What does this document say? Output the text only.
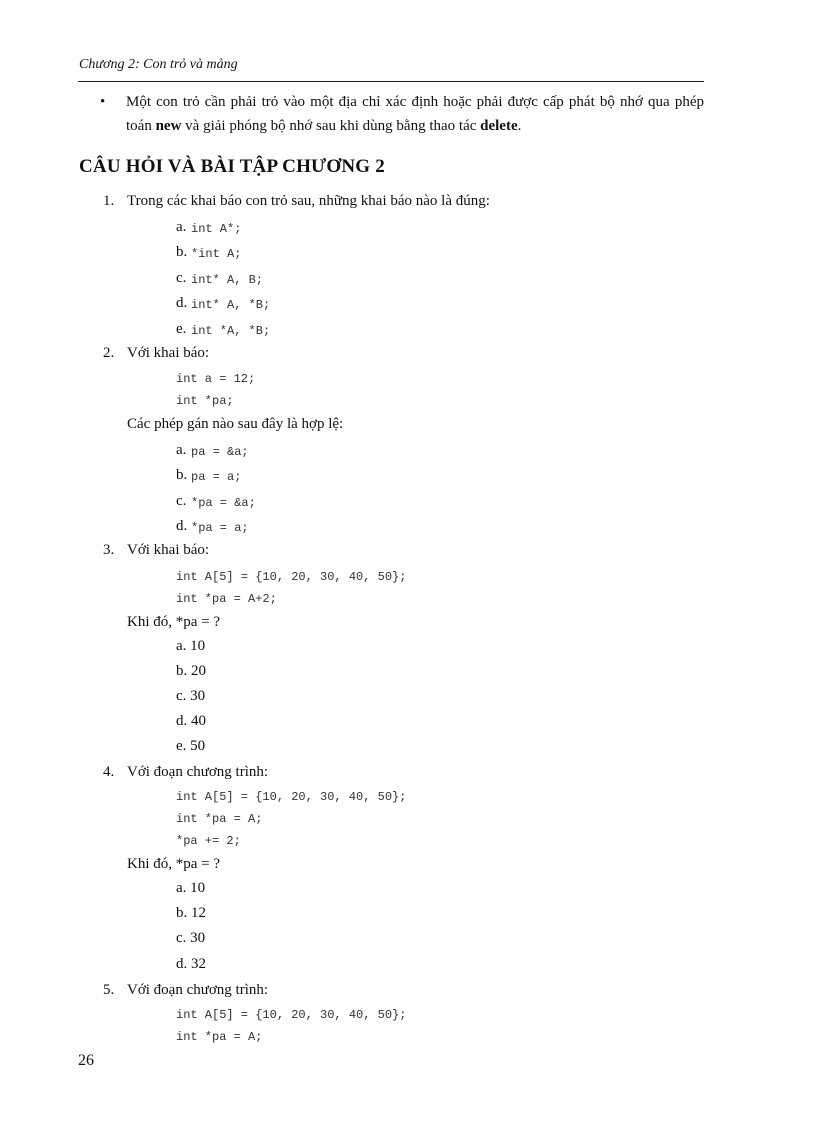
Chương 2: Con trỏ và mảng
• Một con trỏ cần phải trỏ vào một địa chỉ xác định hoặc phải được cấp phát bộ nhớ qua phép toán new và giải phóng bộ nhớ sau khi dùng bằng thao tác delete.
CÂU HỎI VÀ BÀI TẬP CHƯƠNG 2
1. Trong các khai báo con trỏ sau, những khai báo nào là đúng:
a. int A*;
b. *int A;
c. int* A, B;
d. int* A, *B;
e. int *A, *B;
2. Với khai báo:
int a = 12;
int *pa;
Các phép gán nào sau đây là hợp lệ:
a. pa = &a;
b. pa = a;
c. *pa = &a;
d. *pa = a;
3. Với khai báo:
int A[5] = {10, 20, 30, 40, 50};
int *pa = A+2;
Khi đó, *pa = ?
a. 10
b. 20
c. 30
d. 40
e. 50
4. Với đoạn chương trình:
int A[5] = {10, 20, 30, 40, 50};
int *pa = A;
*pa += 2;
Khi đó, *pa = ?
a. 10
b. 12
c. 30
d. 32
5. Với đoạn chương trình:
int A[5] = {10, 20, 30, 40, 50};
int *pa = A;
26
